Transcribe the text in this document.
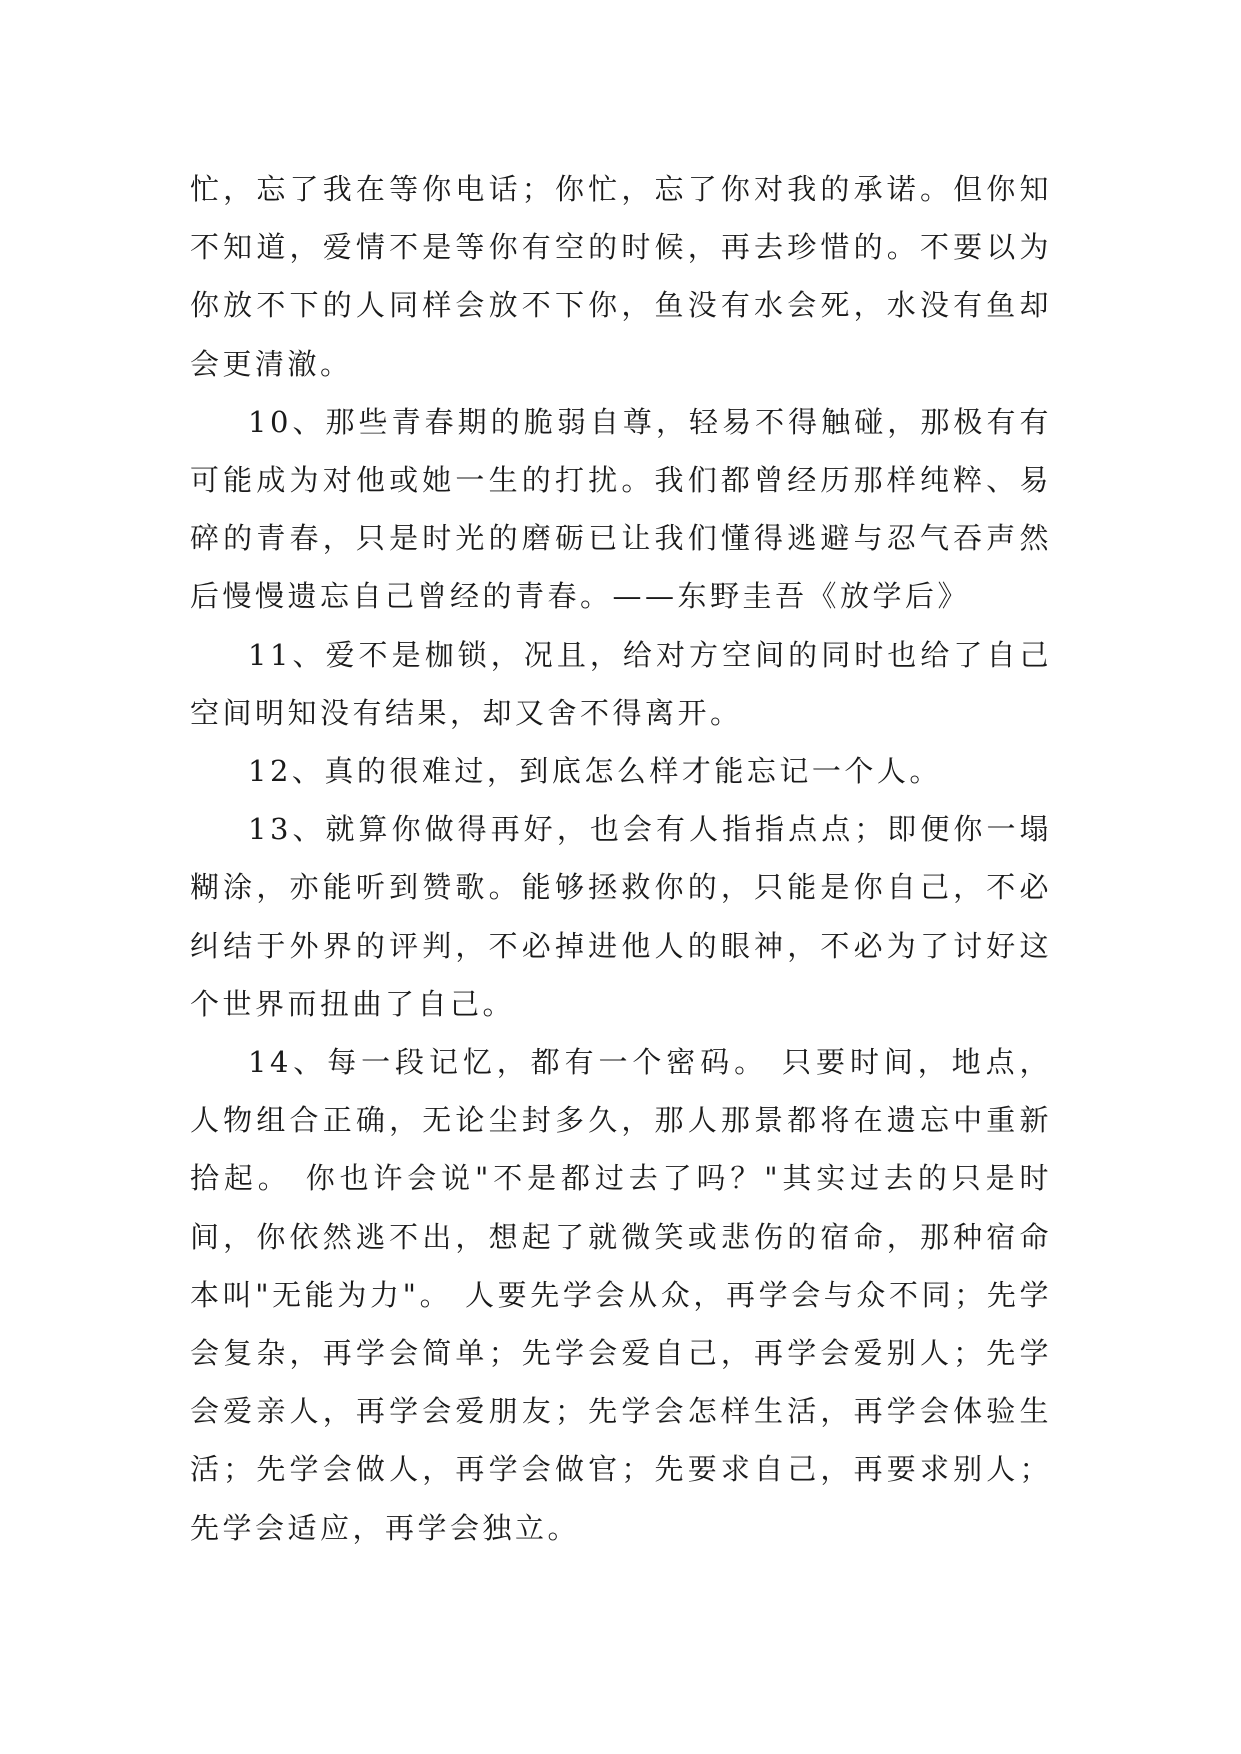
忙，忘了我在等你电话；你忙，忘了你对我的承诺。但你知不知道，爱情不是等你有空的时候，再去珍惜的。不要以为你放不下的人同样会放不下你，鱼没有水会死，水没有鱼却会更清澈。

10、那些青春期的脆弱自尊，轻易不得触碰，那极有有可能成为对他或她一生的打扰。我们都曾经历那样纯粹、易碎的青春，只是时光的磨砺已让我们懂得逃避与忍气吞声然后慢慢遗忘自己曾经的青春。——东野圭吾《放学后》

11、爱不是枷锁，况且，给对方空间的同时也给了自己空间明知没有结果，却又舍不得离开。

12、真的很难过，到底怎么样才能忘记一个人。

13、就算你做得再好，也会有人指指点点；即便你一塌糊涂，亦能听到赞歌。能够拯救你的，只能是你自己，不必纠结于外界的评判，不必掉进他人的眼神，不必为了讨好这个世界而扭曲了自己。

14、每一段记忆，都有一个密码。 只要时间，地点，人物组合正确，无论尘封多久，那人那景都将在遗忘中重新拾起。 你也许会说"不是都过去了吗？"其实过去的只是时间，你依然逃不出，想起了就微笑或悲伤的宿命，那种宿命本叫"无能为力"。 人要先学会从众，再学会与众不同；先学会复杂，再学会简单；先学会爱自己，再学会爱别人；先学会爱亲人，再学会爱朋友；先学会怎样生活，再学会体验生活；先学会做人，再学会做官；先要求自己，再要求别人；先学会适应，再学会独立。
